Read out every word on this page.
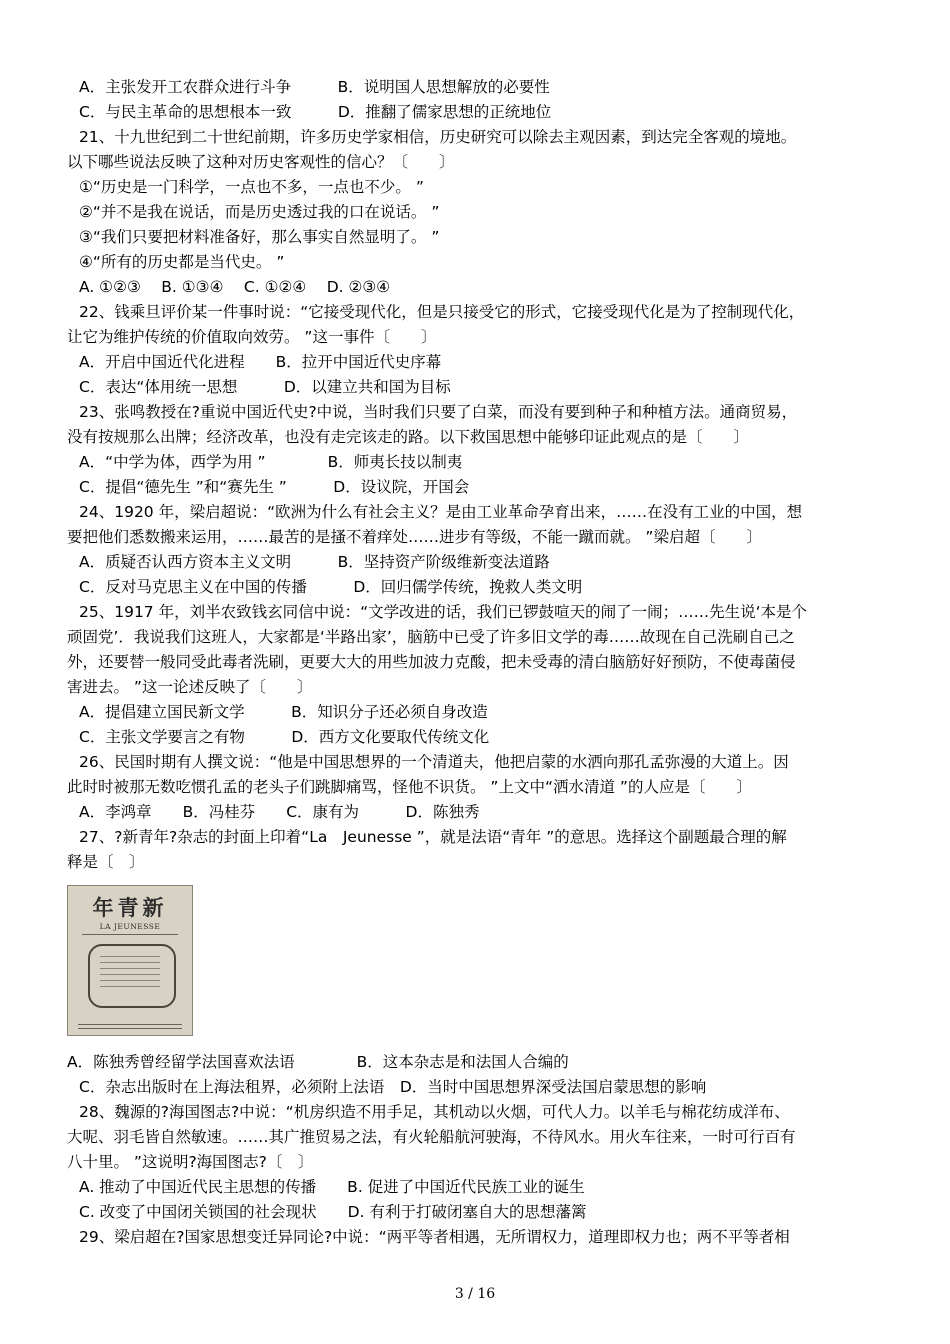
A．主张发开工农群众进行斗争　　　B．说明国人思想解放的必要性
C．与民主革命的思想根本一致　　　D．推翻了儒家思想的正统地位
21、十九世纪到二十世纪前期，许多历史学家相信，历史研究可以除去主观因素，到达完全客观的境地。
以下哪些说法反映了这种对历史客观性的信心？〔　　〕
①“历史是一门科学，一点也不多，一点也不少。 ”
②“并不是我在说话，而是历史透过我的口在说话。 ”
③“我们只要把材料准备好，那么事实自然显明了。 ”
④“所有的历史都是当代史。 ”
A. ①②③　 B. ①③④　 C. ①②④　 D. ②③④
22、钱乘旦评价某一件事时说：“它接受现代化，但是只接受它的形式，它接受现代化是为了控制现代化，
让它为维护传统的价值取向效劳。 ”这一事件〔　　〕
A．开启中国近代化进程　　B．拉开中国近代史序幕
C．表达“体用统一思想　　　D．以建立共和国为目标
23、张鸣教授在?重说中国近代史?中说，当时我们只要了白菜，而没有要到种子和种植方法。通商贸易，
没有按规那么出牌；经济改革，也没有走完该走的路。以下救国思想中能够印证此观点的是〔　　〕
A．“中学为体，西学为用 ”　　　　B．师夷长技以制夷
C．提倡“德先生 ”和“赛先生 ”　　　D．设议院，开国会
24、1920 年，梁启超说：“欧洲为什么有社会主义？是由工业革命孕育出来，……在没有工业的中国，想
要把他们悉数搬来运用，……最苦的是搔不着痒处……进步有等级，不能一蹴而就。 ”梁启超〔　　〕
A．质疑否认西方资本主义文明　　　B．坚持资产阶级维新变法道路
C．反对马克思主义在中国的传播　　　D．回归儒学传统，挽救人类文明
25、1917 年，刘半农致钱玄同信中说：“文学改进的话，我们已锣鼓喧天的闹了一闹；……先生说‘本是个
顽固党’．我说我们这班人，大家都是‘半路出家’，脑筋中已受了许多旧文学的毒……故现在自己洗刷自己之
外，还要替一般同受此毒者洗刷，更要大大的用些加波力克酸，把未受毒的清白脑筋好好预防，不使毒菌侵
害进去。 ”这一论述反映了〔　　〕
A．提倡建立国民新文学　　　B．知识分子还必须自身改造
C．主张文学要言之有物　　　D．西方文化要取代传统文化
26、民国时期有人撰文说：“他是中国思想界的一个清道夫，他把启蒙的水洒向那孔孟弥漫的大道上。因
此时时被那无数吃惯孔孟的老头子们跳脚痛骂，怪他不识货。 ”上文中“洒水清道 ”的人应是〔　　〕
A．李鸿章　　B．冯桂芬　　C．康有为　　　D．陈独秀
27、?新青年?杂志的封面上印着“La　Jeunesse ”，就是法语“青年 ”的意思。选择这个副题最合理的解
释是〔　〕
年青新
LA JEUNESSE
A．陈独秀曾经留学法国喜欢法语　　　　B．这本杂志是和法国人合编的
C．杂志出版时在上海法租界，必须附上法语　D．当时中国思想界深受法国启蒙思想的影响
28、魏源的?海国图志?中说：“机房织造不用手足，其机动以火烟，可代人力。以羊毛与棉花纺成洋布、
大呢、羽毛皆自然敏速。……其广推贸易之法，有火轮船航河驶海，不待风水。用火车往来，一时可行百有
八十里。 ”这说明?海国图志?〔　〕
A. 推动了中国近代民主思想的传播　　B. 促进了中国近代民族工业的诞生
C. 改变了中国闭关锁国的社会现状　　D. 有利于打破闭塞自大的思想藩篱
29、梁启超在?国家思想变迁异同论?中说：“两平等者相遇，无所谓权力，道理即权力也；两不平等者相
3 / 16
